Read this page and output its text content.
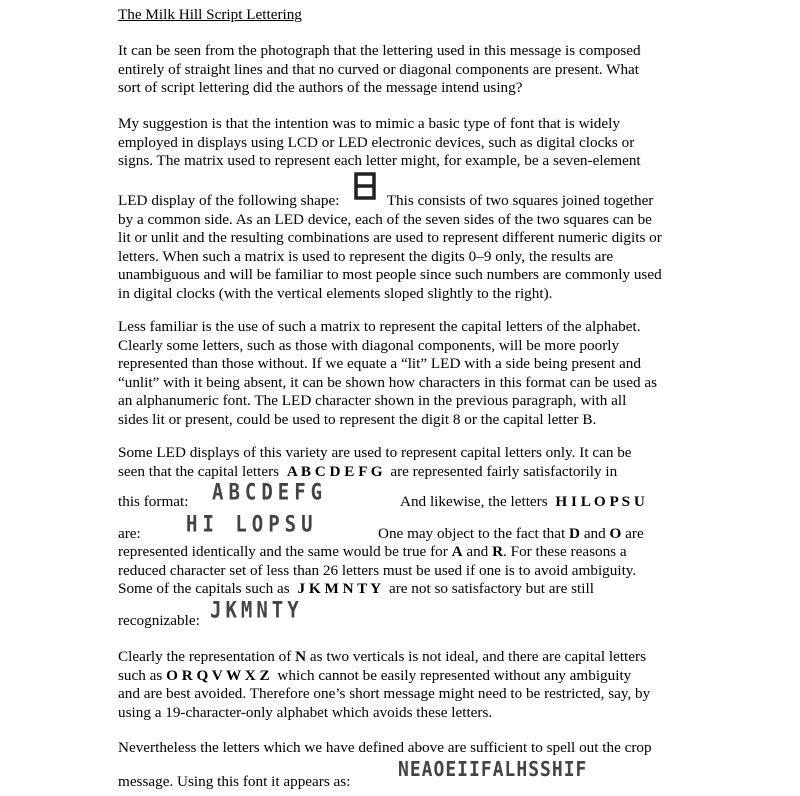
The Milk Hill Script Lettering
It can be seen from the photograph that the lettering used in this message is composed
entirely of straight lines and that no curved or diagonal components are present. What
sort of script lettering did the authors of the message intend using?
My suggestion is that the intention was to mimic a basic type of font that is widely
employed in displays using LCD or LED electronic devices, such as digital clocks or
signs. The matrix used to represent each letter might, for example, be a seven-element
LED display of the following shape:	This consists of two squares joined together
by a common side. As an LED device, each of the seven sides of the two squares can be
lit or unlit and the resulting combinations are used to represent different numeric digits or
letters. When such a matrix is used to represent the digits 0–9 only, the results are
unambiguous and will be familiar to most people since such numbers are commonly used
in digital clocks (with the vertical elements sloped slightly to the right).
Less familiar is the use of such a matrix to represent the capital letters of the alphabet.
Clearly some letters, such as those with diagonal components, will be more poorly
represented than those without. If we equate a “lit” LED with a side being present and
“unlit” with it being absent, it can be shown how characters in this format can be used as
an alphanumeric font. The LED character shown in the previous paragraph, with all
sides lit or present, could be used to represent the digit 8 or the capital letter B.
Some LED displays of this variety are used to represent capital letters only. It can be
seen that the capital letters A B C D E F G are represented fairly satisfactorily in
this format:	ABCDEFG	And likewise, the letters H I L O P S U
are:	HI LOPSU	One may object to the fact that D and O are
represented identically and the same would be true for A and R. For these reasons a
reduced character set of less than 26 letters must be used if one is to avoid ambiguity.
Some of the capitals such as J K M N T Y are not so satisfactory but are still
recognizable: JKMNTY
Clearly the representation of N as two verticals is not ideal, and there are capital letters
such as O R Q V W X Z which cannot be easily represented without any ambiguity
and are best avoided. Therefore one’s short message might need to be restricted, say, by
using a 19-character-only alphabet which avoids these letters.
Nevertheless the letters which we have defined above are sufficient to spell out the crop
message. Using this font it appears as:	NEAOEIIFALHSSHIF
